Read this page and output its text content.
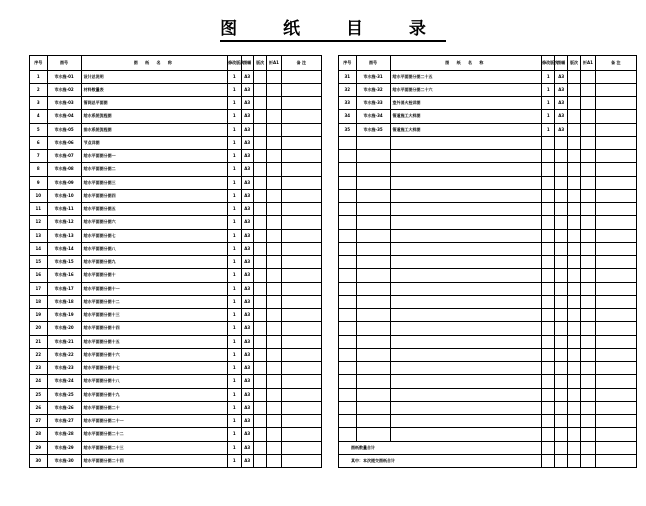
图 纸 目 录
序号	图号	图 纸 名 称	修改版次	图幅	版次	折A1	备 注
1	市水施-01	设计总说明	1	A3			
2	市水施-02	材料数量表	1	A3			
3	市水施-03	管网总平面图	1	A3			
4	市水施-04	给水系统流程图	1	A3			
5	市水施-05	排水系统流程图	1	A3			
6	市水施-06	节点详图	1	A3			
7	市水施-07	给水平面图分图一	1	A3			
8	市水施-08	给水平面图分图二	1	A3			
9	市水施-09	给水平面图分图三	1	A3			
10	市水施-10	给水平面图分图四	1	A3			
11	市水施-11	给水平面图分图五	1	A3			
12	市水施-12	给水平面图分图六	1	A3			
13	市水施-13	给水平面图分图七	1	A3			
14	市水施-14	给水平面图分图八	1	A3			
15	市水施-15	给水平面图分图九	1	A3			
16	市水施-16	给水平面图分图十	1	A3			
17	市水施-17	给水平面图分图十一	1	A3			
18	市水施-18	给水平面图分图十二	1	A3			
19	市水施-19	给水平面图分图十三	1	A3			
20	市水施-20	给水平面图分图十四	1	A3			
21	市水施-21	给水平面图分图十五	1	A3			
22	市水施-22	给水平面图分图十六	1	A3			
23	市水施-23	给水平面图分图十七	1	A3			
24	市水施-24	给水平面图分图十八	1	A3			
25	市水施-25	给水平面图分图十九	1	A3			
26	市水施-26	给水平面图分图二十	1	A3			
27	市水施-27	给水平面图分图二十一	1	A3			
28	市水施-28	给水平面图分图二十二	1	A3			
29	市水施-29	给水平面图分图二十三	1	A3			
30	市水施-30	给水平面图分图二十四	1	A3			
序号	图号	图 纸 名 称	修改版次	图幅	版次	折A1	备 注
31	市水施-31	给水平面图分图二十五	1	A3			
32	市水施-32	给水平面图分图二十六	1	A3			
33	市水施-33	室外消火栓详图	1	A3			
34	市水施-34	管道施工大样图	1	A3			
35	市水施-35	管道施工大样图	1	A3			

图纸数量合计							
其中：本次提交图纸合计							
